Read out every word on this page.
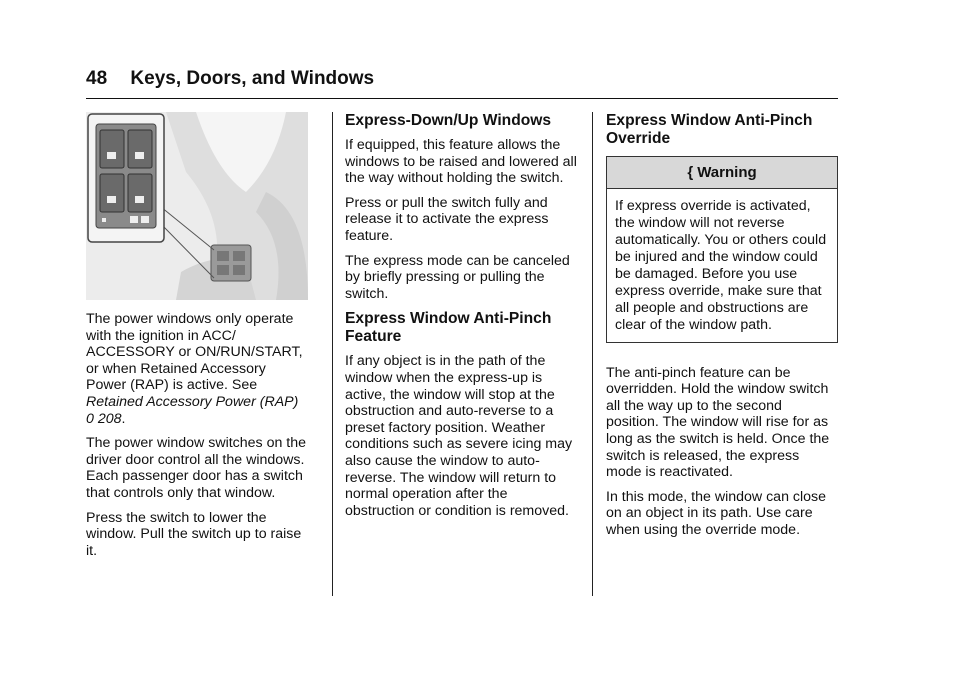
48 Keys, Doors, and Windows

The power windows only operate with the ignition in ACC/ ACCESSORY or ON/RUN/START, or when Retained Accessory Power (RAP) is active. See Retained Accessory Power (RAP) 0 208.

The power window switches on the driver door control all the windows. Each passenger door has a switch that controls only that window.

Press the switch to lower the window. Pull the switch up to raise it.

Express-Down/Up Windows

If equipped, this feature allows the windows to be raised and lowered all the way without holding the switch.

Press or pull the switch fully and release it to activate the express feature.

The express mode can be canceled by briefly pressing or pulling the switch.

Express Window Anti-Pinch Feature

If any object is in the path of the window when the express-up is active, the window will stop at the obstruction and auto-reverse to a preset factory position. Weather conditions such as severe icing may also cause the window to auto-reverse. The window will return to normal operation after the obstruction or condition is removed.

Express Window Anti-Pinch Override
{ Warning

If express override is activated, the window will not reverse automatically. You or others could be injured and the window could be damaged. Before you use express override, make sure that all people and obstructions are clear of the window path.

The anti-pinch feature can be overridden. Hold the window switch all the way up to the second position. The window will rise for as long as the switch is held. Once the switch is released, the express mode is reactivated.

In this mode, the window can close on an object in its path. Use care when using the override mode.
